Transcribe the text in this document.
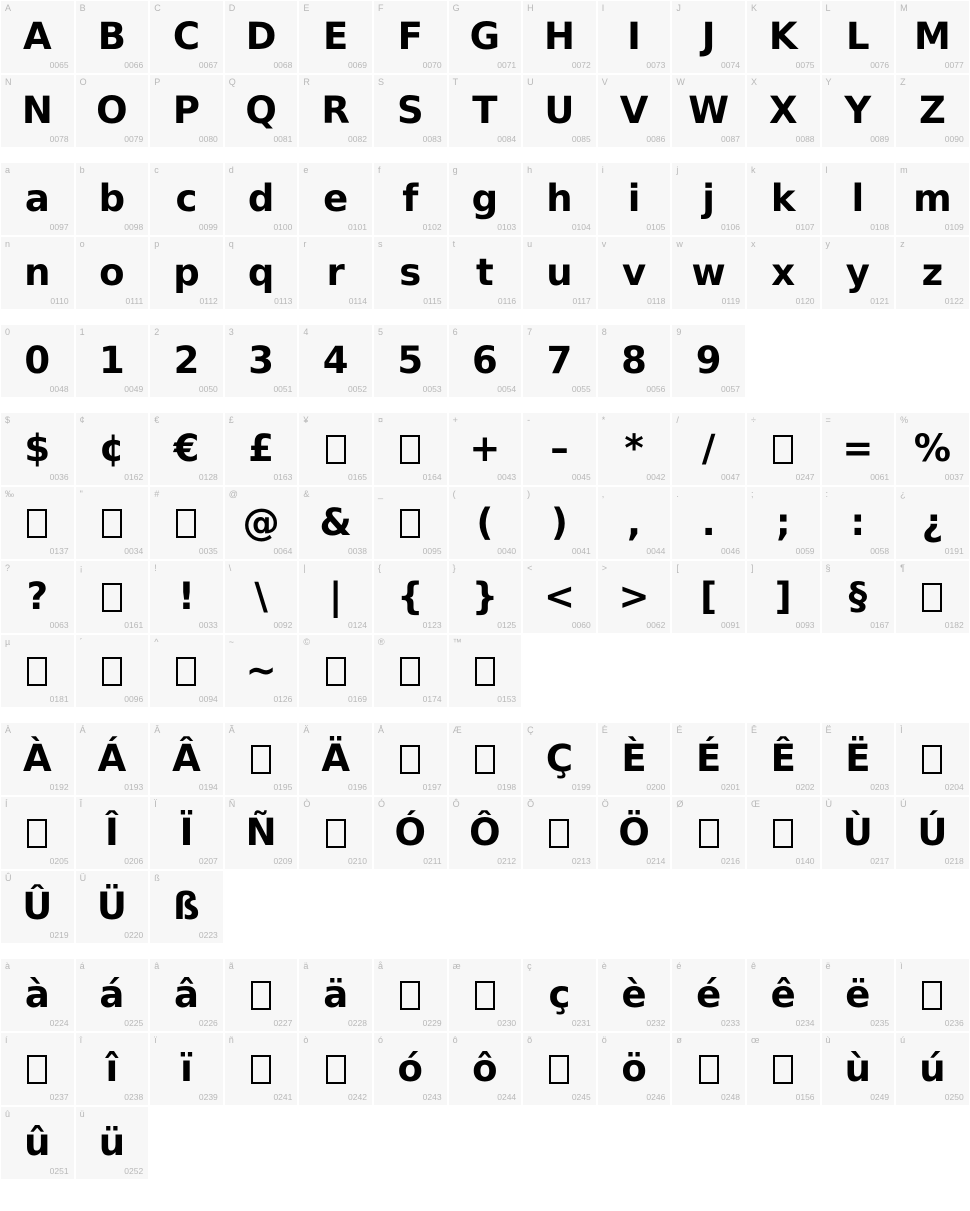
A
A
0065
B
B
0066
C
C
0067
D
D
0068
E
E
0069
F
F
0070
G
G
0071
H
H
0072
I
I
0073
J
J
0074
K
K
0075
L
L
0076
M
M
0077
N
N
0078
O
O
0079
P
P
0080
Q
Q
0081
R
R
0082
S
S
0083
T
T
0084
U
U
0085
V
V
0086
W
W
0087
X
X
0088
Y
Y
0089
Z
Z
0090
a
a
0097
b
b
0098
c
c
0099
d
d
0100
e
e
0101
f
f
0102
g
g
0103
h
h
0104
i
i
0105
j
j
0106
k
k
0107
l
l
0108
m
m
0109
n
n
0110
o
o
0111
p
p
0112
q
q
0113
r
r
0114
s
s
0115
t
t
0116
u
u
0117
v
v
0118
w
w
0119
x
x
0120
y
y
0121
z
z
0122
0
0
0048
1
1
0049
2
2
0050
3
3
0051
4
4
0052
5
5
0053
6
6
0054
7
7
0055
8
8
0056
9
9
0057
$
$
0036
¢
¢
0162
€
€
0128
£
£
0163
¥
0165
¤
0164
+
+
0043
-
–
0045
*
*
0042
/
/
0047
÷
0247
=
=
0061
%
%
0037
‰
0137
"
0034
#
0035
@
@
0064
&
&
0038
_
0095
(
(
0040
)
)
0041
,
,
0044
.
.
0046
;
;
0059
:
:
0058
¿
¿
0191
?
?
0063
¡
0161
!
!
0033
\
\
0092
|
|
0124
{
{
0123
}
}
0125
<
<
0060
>
>
0062
[
[
0091
]
]
0093
§
§
0167
¶
0182
µ
0181
´
0096
^
0094
~
~
0126
©
0169
®
0174
™
0153
À
À
0192
Á
Á
0193
Â
Â
0194
Ã
0195
Ä
Ä
0196
Å
0197
Æ
0198
Ç
Ç
0199
È
È
0200
É
É
0201
Ê
Ê
0202
Ë
Ë
0203
Ì
0204
Í
0205
Î
Î
0206
Ï
Ï
0207
Ñ
Ñ
0209
Ò
0210
Ó
Ó
0211
Ô
Ô
0212
Õ
0213
Ö
Ö
0214
Ø
0216
Œ
0140
Ù
Ù
0217
Ú
Ú
0218
Û
Û
0219
Ü
Ü
0220
ß
ß
0223
à
à
0224
á
á
0225
â
â
0226
ã
0227
ä
ä
0228
å
0229
æ
0230
ç
ç
0231
è
è
0232
é
é
0233
ê
ê
0234
ë
ë
0235
ì
0236
í
0237
î
î
0238
ï
ï
0239
ñ
0241
ò
0242
ó
ó
0243
ô
ô
0244
õ
0245
ö
ö
0246
ø
0248
œ
0156
ù
ù
0249
ú
ú
0250
û
û
0251
ü
ü
0252
